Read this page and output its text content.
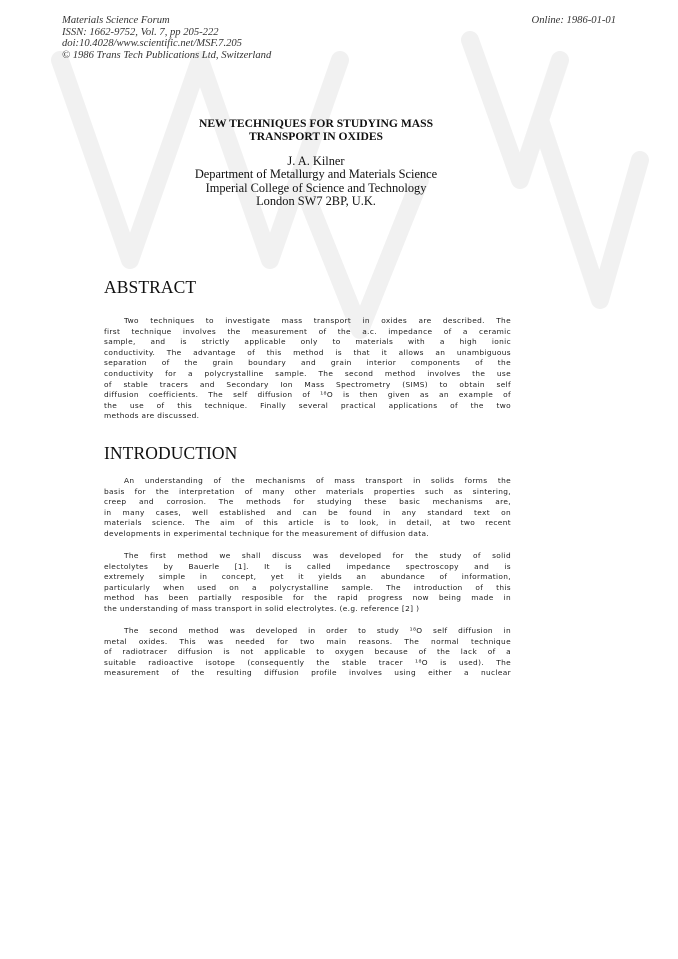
Materials Science Forum
ISSN: 1662-9752, Vol. 7, pp 205-222
doi:10.4028/www.scientific.net/MSF.7.205
© 1986 Trans Tech Publications Ltd, Switzerland
Online: 1986-01-01
NEW TECHNIQUES FOR STUDYING MASS
TRANSPORT IN OXIDES
J. A. Kilner
Department of Metallurgy and Materials Science
Imperial College of Science and Technology
London SW7 2BP, U.K.
ABSTRACT
Two techniques to investigate mass transport in oxides are described. The
first technique involves the measurement of the a.c. impedance of a ceramic
sample, and is strictly applicable only to materials with a high ionic
conductivity. The advantage of this method is that it allows an unambiguous
separation of the grain boundary and grain interior components of the
conductivity for a polycrystalline sample. The second method involves the use
of stable tracers and Secondary Ion Mass Spectrometry (SIMS) to obtain self
diffusion coefficients. The self diffusion of ¹⁸O is then given as an example of
the use of this technique. Finally several practical applications of the two
methods are discussed.
INTRODUCTION
An understanding of the mechanisms of mass transport in solids forms the
basis for the interpretation of many other materials properties such as sintering,
creep and corrosion. The methods for studying these basic mechanisms are,
in many cases, well established and can be found in any standard text on
materials science. The aim of this article is to look, in detail, at two recent
developments in experimental technique for the measurement of diffusion data.
The first method we shall discuss was developed for the study of solid
electolytes by Bauerle [1]. It is called impedance spectroscopy and is
extremely simple in concept, yet it yields an abundance of information,
particularly when used on a polycrystalline sample. The introduction of this
method has been partially resposible for the rapid progress now being made in
the understanding of mass transport in solid electrolytes. (e.g. reference [2] )
The second method was developed in order to study ¹⁸O self diffusion in
metal oxides. This was needed for two main reasons. The normal technique
of radiotracer diffusion is not applicable to oxygen because of the lack of a
suitable radioactive isotope (consequently the stable tracer ¹⁸O is used). The
measurement of the resulting diffusion profile involves using either a nuclear
